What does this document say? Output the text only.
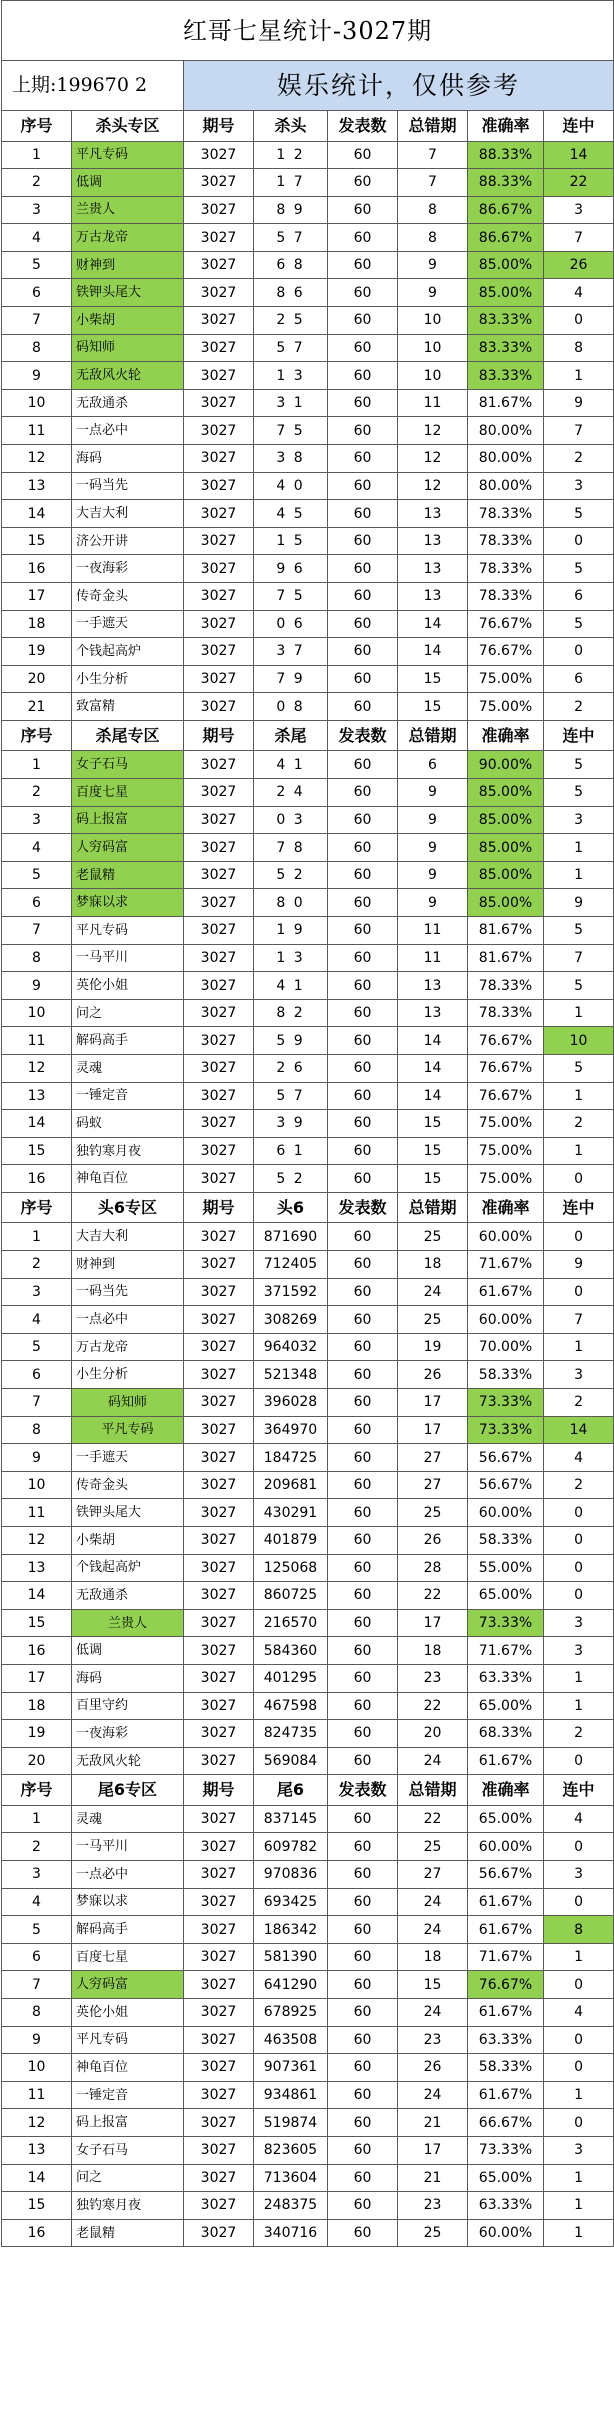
红哥七星统计-3027期							
上期:199670 2		娱乐统计，仅供参考					
序号	杀头专区	期号	杀头	发表数	总错期	准确率	连中
1	平凡专码	3027	1 2	60	7	88.33%	14
2	低调	3027	1 7	60	7	88.33%	22
3	兰贵人	3027	8 9	60	8	86.67%	3
4	万古龙帝	3027	5 7	60	8	86.67%	7
5	财神到	3027	6 8	60	9	85.00%	26
6	铁钾头尾大	3027	8 6	60	9	85.00%	4
7	小柴胡	3027	2 5	60	10	83.33%	0
8	码知师	3027	5 7	60	10	83.33%	8
9	无敌风火轮	3027	1 3	60	10	83.33%	1
10	无敌通杀	3027	3 1	60	11	81.67%	9
11	一点必中	3027	7 5	60	12	80.00%	7
12	海码	3027	3 8	60	12	80.00%	2
13	一码当先	3027	4 0	60	12	80.00%	3
14	大吉大利	3027	4 5	60	13	78.33%	5
15	济公开讲	3027	1 5	60	13	78.33%	0
16	一夜海彩	3027	9 6	60	13	78.33%	5
17	传奇金头	3027	7 5	60	13	78.33%	6
18	一手遮天	3027	0 6	60	14	76.67%	5
19	个钱起高炉	3027	3 7	60	14	76.67%	0
20	小生分析	3027	7 9	60	15	75.00%	6
21	致富精	3027	0 8	60	15	75.00%	2
序号	杀尾专区	期号	杀尾	发表数	总错期	准确率	连中
1	女子石马	3027	4 1	60	6	90.00%	5
2	百度七星	3027	2 4	60	9	85.00%	5
3	码上报富	3027	0 3	60	9	85.00%	3
4	人穷码富	3027	7 8	60	9	85.00%	1
5	老鼠精	3027	5 2	60	9	85.00%	1
6	梦寐以求	3027	8 0	60	9	85.00%	9
7	平凡专码	3027	1 9	60	11	81.67%	5
8	一马平川	3027	1 3	60	11	81.67%	7
9	英伦小姐	3027	4 1	60	13	78.33%	5
10	问之	3027	8 2	60	13	78.33%	1
11	解码高手	3027	5 9	60	14	76.67%	10
12	灵魂	3027	2 6	60	14	76.67%	5
13	一锤定音	3027	5 7	60	14	76.67%	1
14	码蚁	3027	3 9	60	15	75.00%	2
15	独钓寒月夜	3027	6 1	60	15	75.00%	1
16	神龟百位	3027	5 2	60	15	75.00%	0
序号	头6专区	期号	头6	发表数	总错期	准确率	连中
1	大吉大利	3027	871690	60	25	60.00%	0
2	财神到	3027	712405	60	18	71.67%	9
3	一码当先	3027	371592	60	24	61.67%	0
4	一点必中	3027	308269	60	25	60.00%	7
5	万古龙帝	3027	964032	60	19	70.00%	1
6	小生分析	3027	521348	60	26	58.33%	3
7	码知师	3027	396028	60	17	73.33%	2
8	平凡专码	3027	364970	60	17	73.33%	14
9	一手遮天	3027	184725	60	27	56.67%	4
10	传奇金头	3027	209681	60	27	56.67%	2
11	铁钾头尾大	3027	430291	60	25	60.00%	0
12	小柴胡	3027	401879	60	26	58.33%	0
13	个钱起高炉	3027	125068	60	28	55.00%	0
14	无敌通杀	3027	860725	60	22	65.00%	0
15	兰贵人	3027	216570	60	17	73.33%	3
16	低调	3027	584360	60	18	71.67%	3
17	海码	3027	401295	60	23	63.33%	1
18	百里守约	3027	467598	60	22	65.00%	1
19	一夜海彩	3027	824735	60	20	68.33%	2
20	无敌风火轮	3027	569084	60	24	61.67%	0
序号	尾6专区	期号	尾6	发表数	总错期	准确率	连中
1	灵魂	3027	837145	60	22	65.00%	4
2	一马平川	3027	609782	60	25	60.00%	0
3	一点必中	3027	970836	60	27	56.67%	3
4	梦寐以求	3027	693425	60	24	61.67%	0
5	解码高手	3027	186342	60	24	61.67%	8
6	百度七星	3027	581390	60	18	71.67%	1
7	人穷码富	3027	641290	60	15	76.67%	0
8	英伦小姐	3027	678925	60	24	61.67%	4
9	平凡专码	3027	463508	60	23	63.33%	0
10	神龟百位	3027	907361	60	26	58.33%	0
11	一锤定音	3027	934861	60	24	61.67%	1
12	码上报富	3027	519874	60	21	66.67%	0
13	女子石马	3027	823605	60	17	73.33%	3
14	问之	3027	713604	60	21	65.00%	1
15	独钓寒月夜	3027	248375	60	23	63.33%	1
16	老鼠精	3027	340716	60	25	60.00%	1
